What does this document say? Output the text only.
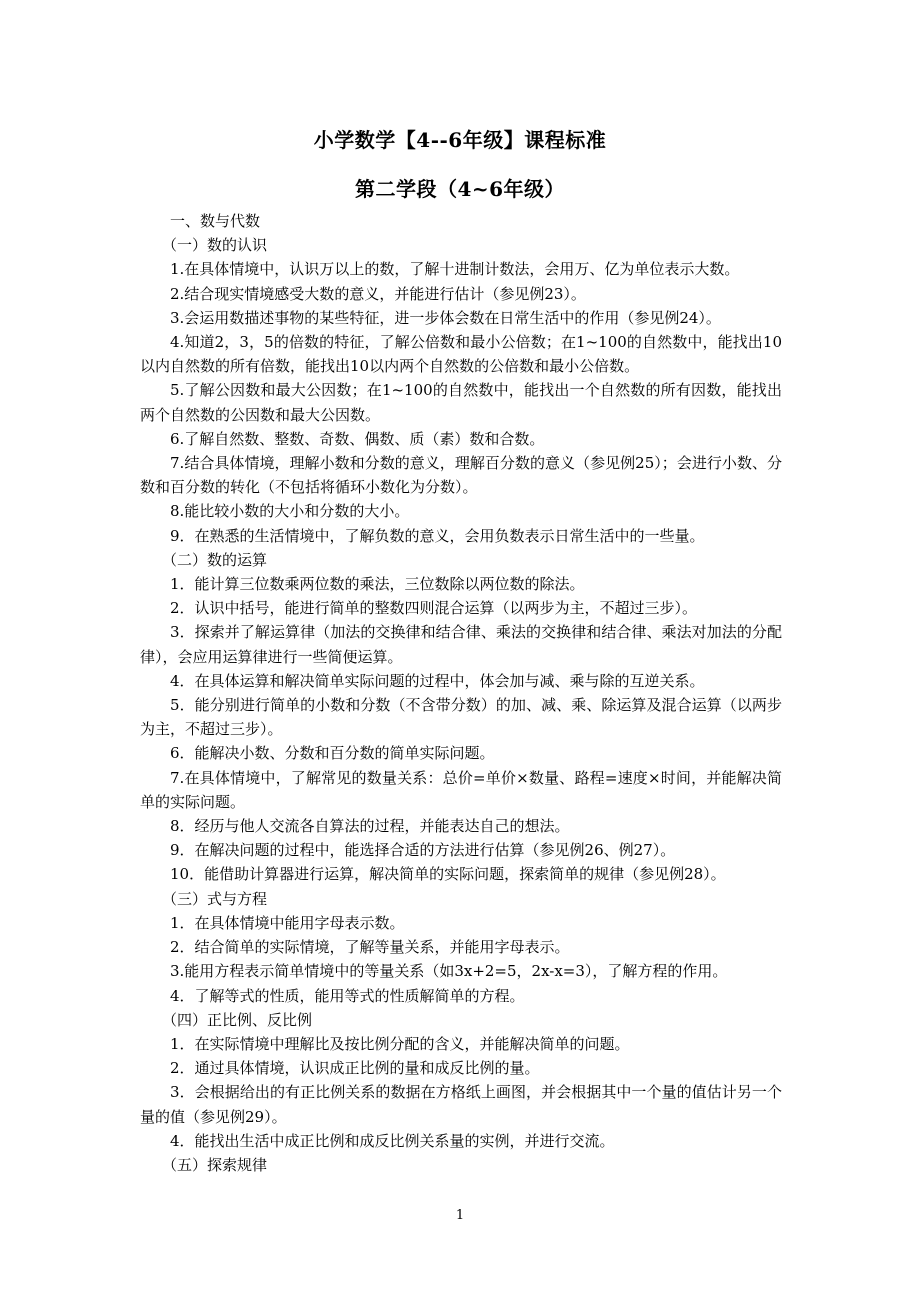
小学数学【4--6年级】课程标准
第二学段（4~6年级）

一、数与代数

（一）数的认识

1.在具体情境中，认识万以上的数，了解十进制计数法，会用万、亿为单位表示大数。

2.结合现实情境感受大数的意义，并能进行估计（参见例23）。

3.会运用数描述事物的某些特征，进一步体会数在日常生活中的作用（参见例24）。

4.知道2，3，5的倍数的特征，了解公倍数和最小公倍数；在1~100的自然数中，能找出10以内自然数的所有倍数，能找出10以内两个自然数的公倍数和最小公倍数。

5.了解公因数和最大公因数；在1~100的自然数中，能找出一个自然数的所有因数，能找出两个自然数的公因数和最大公因数。

6.了解自然数、整数、奇数、偶数、质（素）数和合数。

7.结合具体情境，理解小数和分数的意义，理解百分数的意义（参见例25）；会进行小数、分数和百分数的转化（不包括将循环小数化为分数）。

8.能比较小数的大小和分数的大小。

9．在熟悉的生活情境中，了解负数的意义，会用负数表示日常生活中的一些量。

（二）数的运算

1．能计算三位数乘两位数的乘法，三位数除以两位数的除法。

2．认识中括号，能进行简单的整数四则混合运算（以两步为主，不超过三步）。

3．探索并了解运算律（加法的交换律和结合律、乘法的交换律和结合律、乘法对加法的分配律），会应用运算律进行一些简便运算。

4．在具体运算和解决简单实际问题的过程中，体会加与减、乘与除的互逆关系。

5．能分别进行简单的小数和分数（不含带分数）的加、减、乘、除运算及混合运算（以两步为主，不超过三步）。

6．能解决小数、分数和百分数的简单实际问题。

7.在具体情境中，了解常见的数量关系：总价=单价×数量、路程=速度×时间，并能解决简单的实际问题。

8．经历与他人交流各自算法的过程，并能表达自己的想法。

9．在解决问题的过程中，能选择合适的方法进行估算（参见例26、例27）。

10．能借助计算器进行运算，解决简单的实际问题，探索简单的规律（参见例28）。

（三）式与方程

1．在具体情境中能用字母表示数。

2．结合简单的实际情境，了解等量关系，并能用字母表示。

3.能用方程表示简单情境中的等量关系（如3x+2=5，2x-x=3），了解方程的作用。

4．了解等式的性质，能用等式的性质解简单的方程。

（四）正比例、反比例

1．在实际情境中理解比及按比例分配的含义，并能解决简单的问题。

2．通过具体情境，认识成正比例的量和成反比例的量。

3．会根据给出的有正比例关系的数据在方格纸上画图，并会根据其中一个量的值估计另一个量的值（参见例29）。

4．能找出生活中成正比例和成反比例关系量的实例，并进行交流。

（五）探索规律

1
